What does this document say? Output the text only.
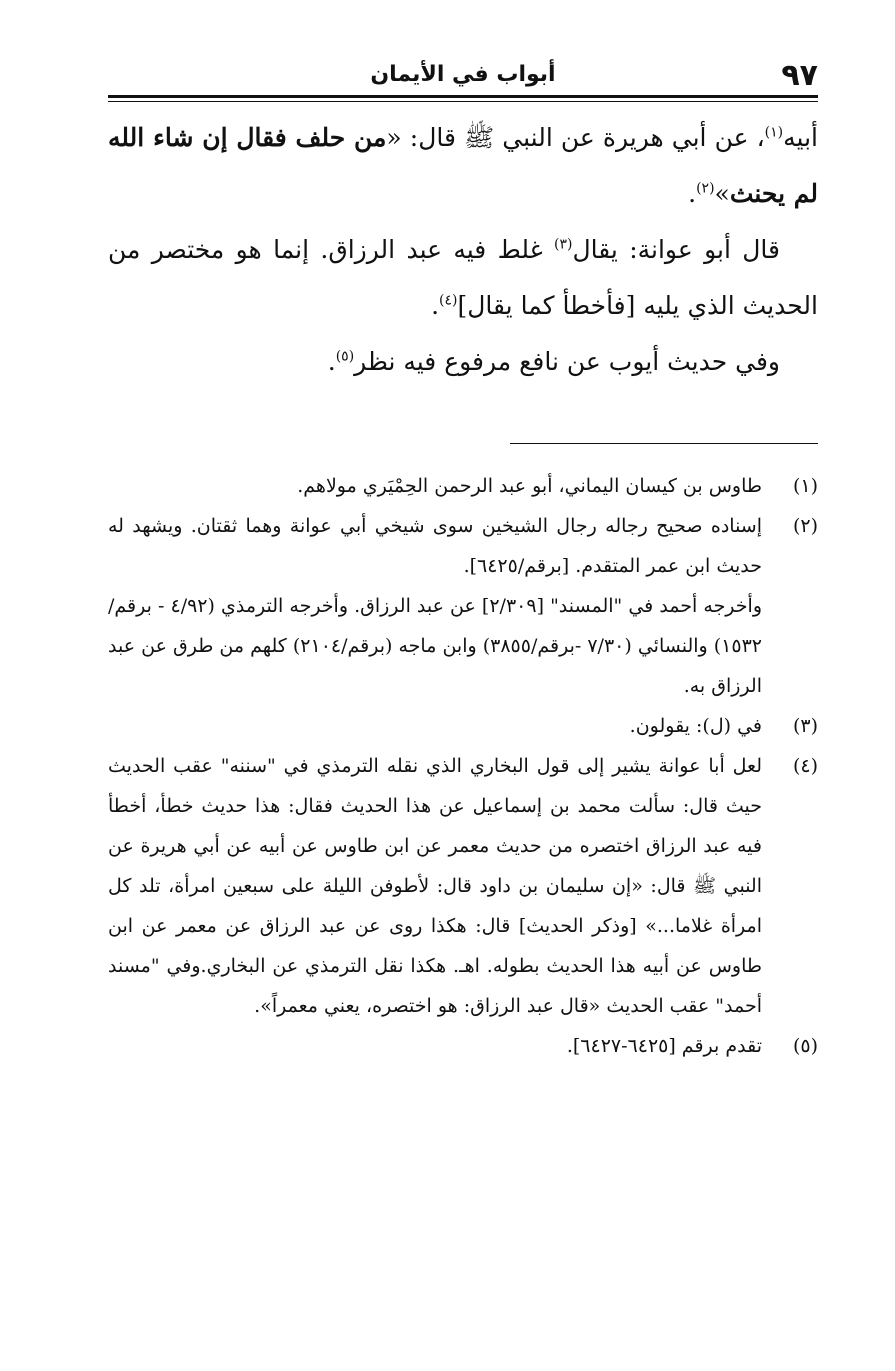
٩٧
أبواب في الأيمان

أبيه$^{(١)}$، عن أبي هريرة عن النبي ﷺ قال: «من حلف فقال إن شاء الله لم يحنث»$^{(٢)}$.

قال أبو عوانة: يقال$^{(٣)}$ غلط فيه عبد الرزاق. إنما هو مختصر من الحديث الذي يليه [فأخطأ كما يقال]$^{(٤)}$.

وفي حديث أيوب عن نافع مرفوع فيه نظر$^{(٥)}$.

(١)

طاوس بن كيسان اليماني، أبو عبد الرحمن الحِمْيَري مولاهم.

(٢)

إسناده صحيح رجاله رجال الشيخين سوى شيخي أبي عوانة وهما ثقتان. ويشهد له حديث ابن عمر المتقدم. [برقم/٦٤٢٥].

وأخرجه أحمد في "المسند" [٢/٣٠٩] عن عبد الرزاق. وأخرجه الترمذي (٤/٩٢ - برقم/١٥٣٢) والنسائي (٧/٣٠ -برقم/٣٨٥٥) وابن ماجه (برقم/٢١٠٤) كلهم من طرق عن عبد الرزاق به.

(٣)

في (ل): يقولون.

(٤)

لعل أبا عوانة يشير إلى قول البخاري الذي نقله الترمذي في "سننه" عقب الحديث حيث قال: سألت محمد بن إسماعيل عن هذا الحديث فقال: هذا حديث خطأ، أخطأ فيه عبد الرزاق اختصره من حديث معمر عن ابن طاوس عن أبيه عن أبي هريرة عن النبي ﷺ قال: «إن سليمان بن داود قال: لأطوفن الليلة على سبعين امرأة، تلد كل امرأة غلاما...» [وذكر الحديث] قال: هكذا روى عن عبد الرزاق عن معمر عن ابن طاوس عن أبيه هذا الحديث بطوله. اهـ. هكذا نقل الترمذي عن البخاري.وفي "مسند أحمد" عقب الحديث «قال عبد الرزاق: هو اختصره، يعني معمراً».

(٥)

تقدم برقم [٦٤٢٥-٦٤٢٧].
